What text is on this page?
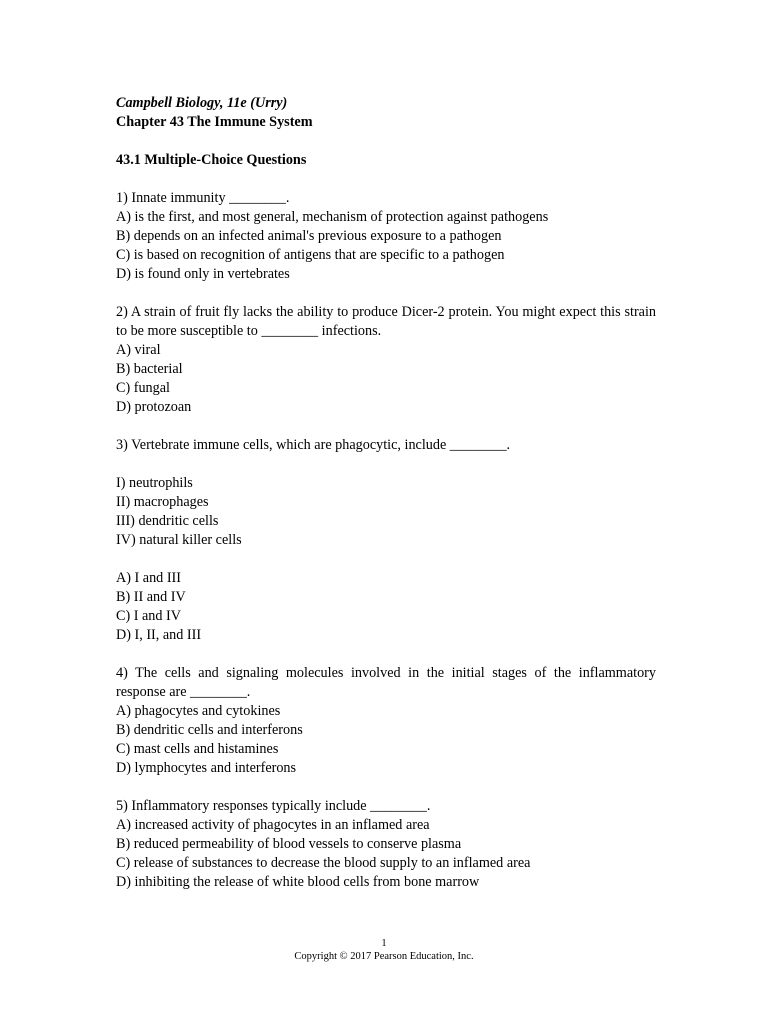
Campbell Biology, 11e (Urry)
Chapter 43 The Immune System
43.1 Multiple-Choice Questions
1) Innate immunity ________.
A) is the first, and most general, mechanism of protection against pathogens
B) depends on an infected animal's previous exposure to a pathogen
C) is based on recognition of antigens that are specific to a pathogen
D) is found only in vertebrates
2) A strain of fruit fly lacks the ability to produce Dicer-2 protein. You might expect this strain to be more susceptible to ________ infections.
A) viral
B) bacterial
C) fungal
D) protozoan
3) Vertebrate immune cells, which are phagocytic, include ________.
I) neutrophils
II) macrophages
III) dendritic cells
IV) natural killer cells
A) I and III
B) II and IV
C) I and IV
D) I, II, and III
4) The cells and signaling molecules involved in the initial stages of the inflammatory response are ________.
A) phagocytes and cytokines
B) dendritic cells and interferons
C) mast cells and histamines
D) lymphocytes and interferons
5) Inflammatory responses typically include ________.
A) increased activity of phagocytes in an inflamed area
B) reduced permeability of blood vessels to conserve plasma
C) release of substances to decrease the blood supply to an inflamed area
D) inhibiting the release of white blood cells from bone marrow
1
Copyright © 2017 Pearson Education, Inc.
